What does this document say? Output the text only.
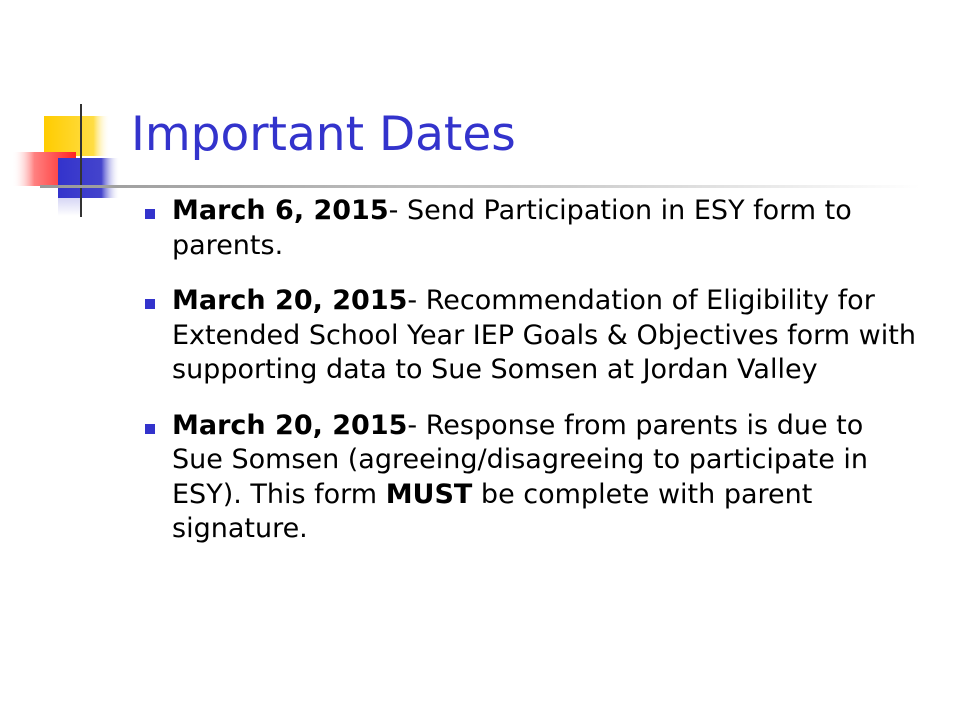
Important Dates
March 6, 2015- Send Participation in ESY form to parents.
March 20, 2015- Recommendation of Eligibility for Extended School Year IEP Goals & Objectives form with supporting data to Sue Somsen at Jordan Valley
March 20, 2015- Response from parents is due to Sue Somsen (agreeing/disagreeing to participate in ESY). This form MUST be complete with parent signature.
